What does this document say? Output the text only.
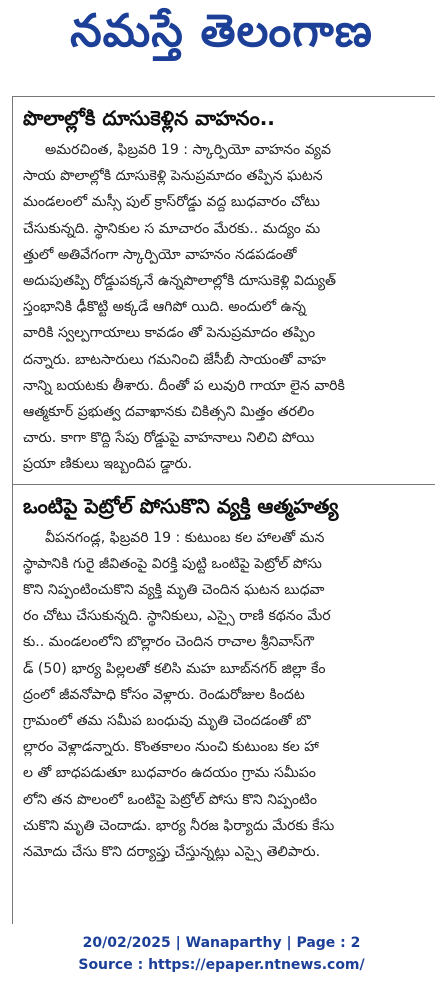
నమస్తే తెలంగాణ
పొలాల్లోకి దూసుకెళ్లిన వాహనం..

అమరచింత, ఫిబ్రవరి 19 : స్కార్పియో వాహనం వ్యవ
సాయ పొలాల్లోకి దూసుకెళ్లి పెనుప్రమాదం తప్పిన ఘటన
మండలంలో మస్సీ పుల్ క్రాస్‌రోడ్డు వద్ద బుధవారం చోటు
చేసుకున్నది. స్థానికుల స మాచారం మేరకు.. మద్యం మ
త్తులో అతివేగంగా స్కార్పియో వాహనం నడపడంతో
అదుపుతప్పి రోడ్డుపక్కనే ఉన్నపొలాల్లోకి దూసుకెళ్లి విద్యుత్
స్తంభానికి ఢీకొట్టి అక్కడే ఆగిపో యిది. అందులో ఉన్న
వారికి స్వల్పగాయాలు కావడం తో పెనుప్రమాదం తప్పిం
దన్నారు. బాటసారులు గమనించి జేసీబీ సాయంతో వాహ
నాన్ని బయటకు తీశారు. దీంతో ప లువురి గాయా లైన వారికి
ఆత్మకూర్ ప్రభుత్వ దవాఖానకు చికిత్సని మిత్తం తరలిం
చారు. కాగా కొద్ది సేపు రోడ్డుపై వాహనాలు నిలిచి పోయి
ప్రయా ణికులు ఇబ్బందిప డ్డారు.

ఒంటిపై పెట్రోల్ పోసుకొని వ్యక్తి ఆత్మహత్య

వీపనగండ్ల, ఫిబ్రవరి 19 : కుటుంబ కల హాలతో మన
స్థాపానికి గురై జీవితంపై విరక్తి పుట్టి ఒంటిపై పెట్రోల్ పోసు
కొని నిప్పంటించుకొని వ్యక్తి మృతి చెందిన ఘటన బుధవా
రం చోటు చేసుకున్నది. స్థానికులు, ఎస్సై రాణి కథనం మేర
కు.. మండలంలోని బొల్లారం చెందిన రాచాల శ్రీనివాస్‌గౌ
డ్ (50) భార్య పిల్లలతో కలిసి మహ బూబ్‌నగర్ జిల్లా కేం
ద్రంలో జీవనోపాధి కోసం వెళ్లారు. రెండురోజుల కిందట
గ్రామంలో తమ సమీప బంధువు మృతి చెందడంతో బొ
ల్లారం వెళ్లాడన్నారు. కొంతకాలం నుంచి కుటుంబ కల హా
ల తో బాధపడుతూ బుధవారం ఉదయం గ్రామ సమీపం
లోని తన పొలంలో ఒంటిపై పెట్రోల్ పోసు కొని నిప్పంటిం
చుకొని మృతి చెందాడు. భార్య నీరజ ఫిర్యాదు మేరకు కేసు
నమోదు చేసు కొని దర్యాప్తు చేస్తున్నట్లు ఎస్సై తెలిపారు.

20/02/2025 | Wanaparthy | Page : 2
Source : https://epaper.ntnews.com/
